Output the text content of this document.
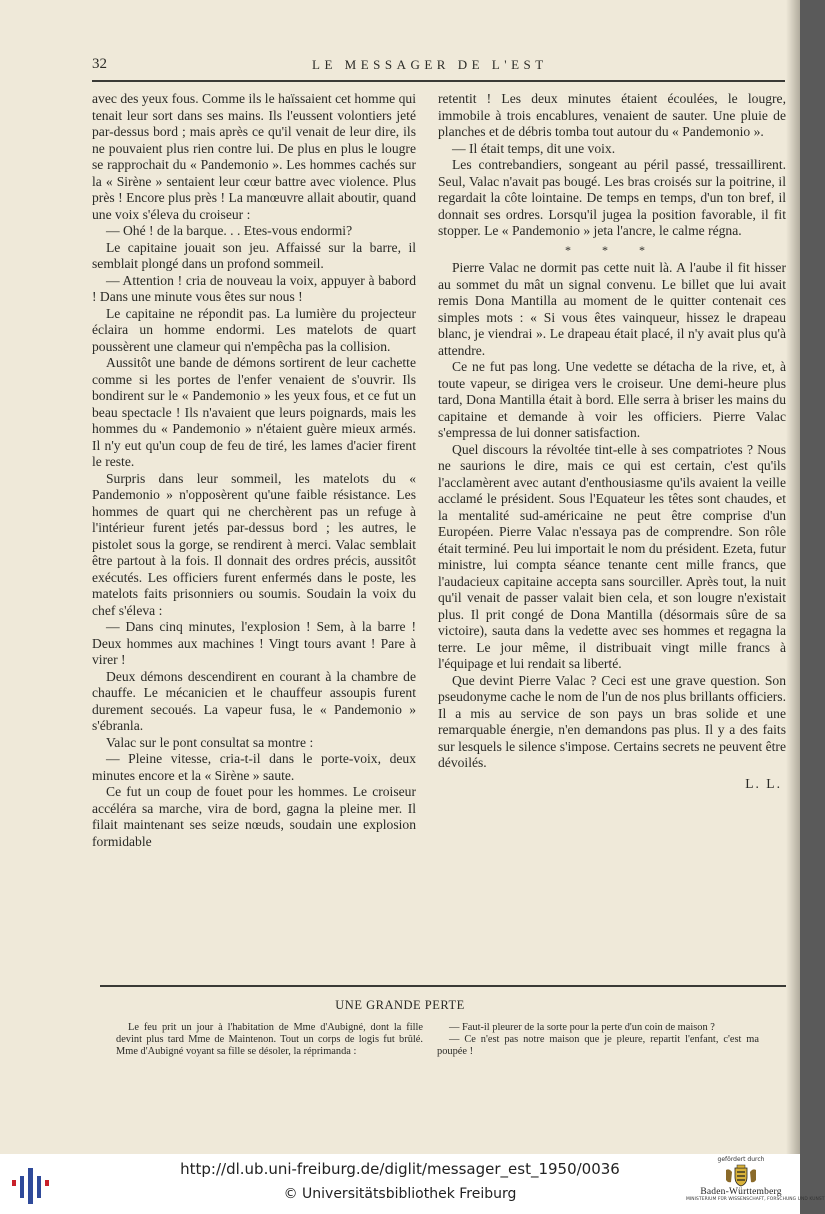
32	LE MESSAGER DE L'EST

avec des yeux fous. Comme ils le haïssaient cet homme qui tenait leur sort dans ses mains. Ils l'eussent volontiers jeté par-dessus bord ; mais après ce qu'il venait de leur dire, ils ne pouvaient plus rien contre lui. De plus en plus le lougre se rapprochait du « Pandemonio ». Les hommes cachés sur la « Sirène » sentaient leur cœur battre avec violence. Plus près ! Encore plus près ! La manœuvre allait aboutir, quand une voix s'éleva du croiseur :

— Ohé ! de la barque. . . Etes-vous endormi?

Le capitaine jouait son jeu. Affaissé sur la barre, il semblait plongé dans un profond sommeil.

— Attention ! cria de nouveau la voix, appuyer à babord ! Dans une minute vous êtes sur nous !

Le capitaine ne répondit pas. La lumière du projecteur éclaira un homme endormi. Les matelots de quart poussèrent une clameur qui n'empêcha pas la collision.

Aussitôt une bande de démons sortirent de leur cachette comme si les portes de l'enfer venaient de s'ouvrir. Ils bondirent sur le « Pandemonio » les yeux fous, et ce fut un beau spectacle ! Ils n'avaient que leurs poignards, mais les hommes du « Pandemonio » n'étaient guère mieux armés. Il n'y eut qu'un coup de feu de tiré, les lames d'acier firent le reste.

Surpris dans leur sommeil, les matelots du « Pandemonio » n'opposèrent qu'une faible résistance. Les hommes de quart qui ne cherchèrent pas un refuge à l'intérieur furent jetés par-dessus bord ; les autres, le pistolet sous la gorge, se rendirent à merci. Valac semblait être partout à la fois. Il donnait des ordres précis, aussitôt exécutés. Les officiers furent enfermés dans le poste, les matelots faits prisonniers ou soumis. Soudain la voix du chef s'éleva :

— Dans cinq minutes, l'explosion ! Sem, à la barre ! Deux hommes aux machines ! Vingt tours avant ! Pare à virer !

Deux démons descendirent en courant à la chambre de chauffe. Le mécanicien et le chauffeur assoupis furent durement secoués. La vapeur fusa, le « Pandemonio » s'ébranla.

Valac sur le pont consultat sa montre :

— Pleine vitesse, cria-t-il dans le porte-voix, deux minutes encore et la « Sirène » saute.

Ce fut un coup de fouet pour les hommes. Le croiseur accéléra sa marche, vira de bord, gagna la pleine mer. Il filait maintenant ses seize nœuds, soudain une explosion formidable

retentit ! Les deux minutes étaient écoulées, le lougre, immobile à trois encablures, venaient de sauter. Une pluie de planches et de débris tomba tout autour du « Pandemonio ».

— Il était temps, dit une voix.

Les contrebandiers, songeant au péril passé, tressaillirent. Seul, Valac n'avait pas bougé. Les bras croisés sur la poitrine, il regardait la côte lointaine. De temps en temps, d'un ton bref, il donnait ses ordres. Lorsqu'il jugea la position favorable, il fit stopper. Le « Pandemonio » jeta l'ancre, le calme régna.

* * *

Pierre Valac ne dormit pas cette nuit là. A l'aube il fit hisser au sommet du mât un signal convenu. Le billet que lui avait remis Dona Mantilla au moment de le quitter contenait ces simples mots : « Si vous êtes vainqueur, hissez le drapeau blanc, je viendrai ». Le drapeau était placé, il n'y avait plus qu'à attendre.

Ce ne fut pas long. Une vedette se détacha de la rive, et, à toute vapeur, se dirigea vers le croiseur. Une demi-heure plus tard, Dona Mantilla était à bord. Elle serra à briser les mains du capitaine et demande à voir les officiers. Pierre Valac s'empressa de lui donner satisfaction.

Quel discours la révoltée tint-elle à ses compatriotes ? Nous ne saurions le dire, mais ce qui est certain, c'est qu'ils l'acclamèrent avec autant d'enthousiasme qu'ils avaient la veille acclamé le président. Sous l'Equateur les têtes sont chaudes, et la mentalité sud-américaine ne peut être comprise d'un Européen. Pierre Valac n'essaya pas de comprendre. Son rôle était terminé. Peu lui importait le nom du président. Ezeta, futur ministre, lui compta séance tenante cent mille francs, que l'audacieux capitaine accepta sans sourciller. Après tout, la nuit qu'il venait de passer valait bien cela, et son lougre n'existait plus. Il prit congé de Dona Mantilla (désormais sûre de sa victoire), sauta dans la vedette avec ses hommes et regagna la terre. Le jour même, il distribuait vingt mille francs à l'équipage et lui rendait sa liberté.

Que devint Pierre Valac ? Ceci est une grave question. Son pseudonyme cache le nom de l'un de nos plus brillants officiers. Il a mis au service de son pays un bras solide et une remarquable énergie, n'en demandons pas plus. Il y a des faits sur lesquels le silence s'impose. Certains secrets ne peuvent être dévoilés.

L. L.

UNE GRANDE PERTE

Le feu prit un jour à l'habitation de Mme d'Aubigné, dont la fille devint plus tard Mme de Maintenon. Tout un corps de logis fut brûlé. Mme d'Aubigné voyant sa fille se désoler, la réprimanda :

— Faut-il pleurer de la sorte pour la perte d'un coin de maison ?

— Ce n'est pas notre maison que je pleure, repartit l'enfant, c'est ma poupée !

http://dl.ub.uni-freiburg.de/diglit/messager_est_1950/0036
© Universitätsbibliothek Freiburg
gefördert durch
Baden-Württemberg
MINISTERIUM FÜR WISSENSCHAFT, FORSCHUNG UND KUNST
